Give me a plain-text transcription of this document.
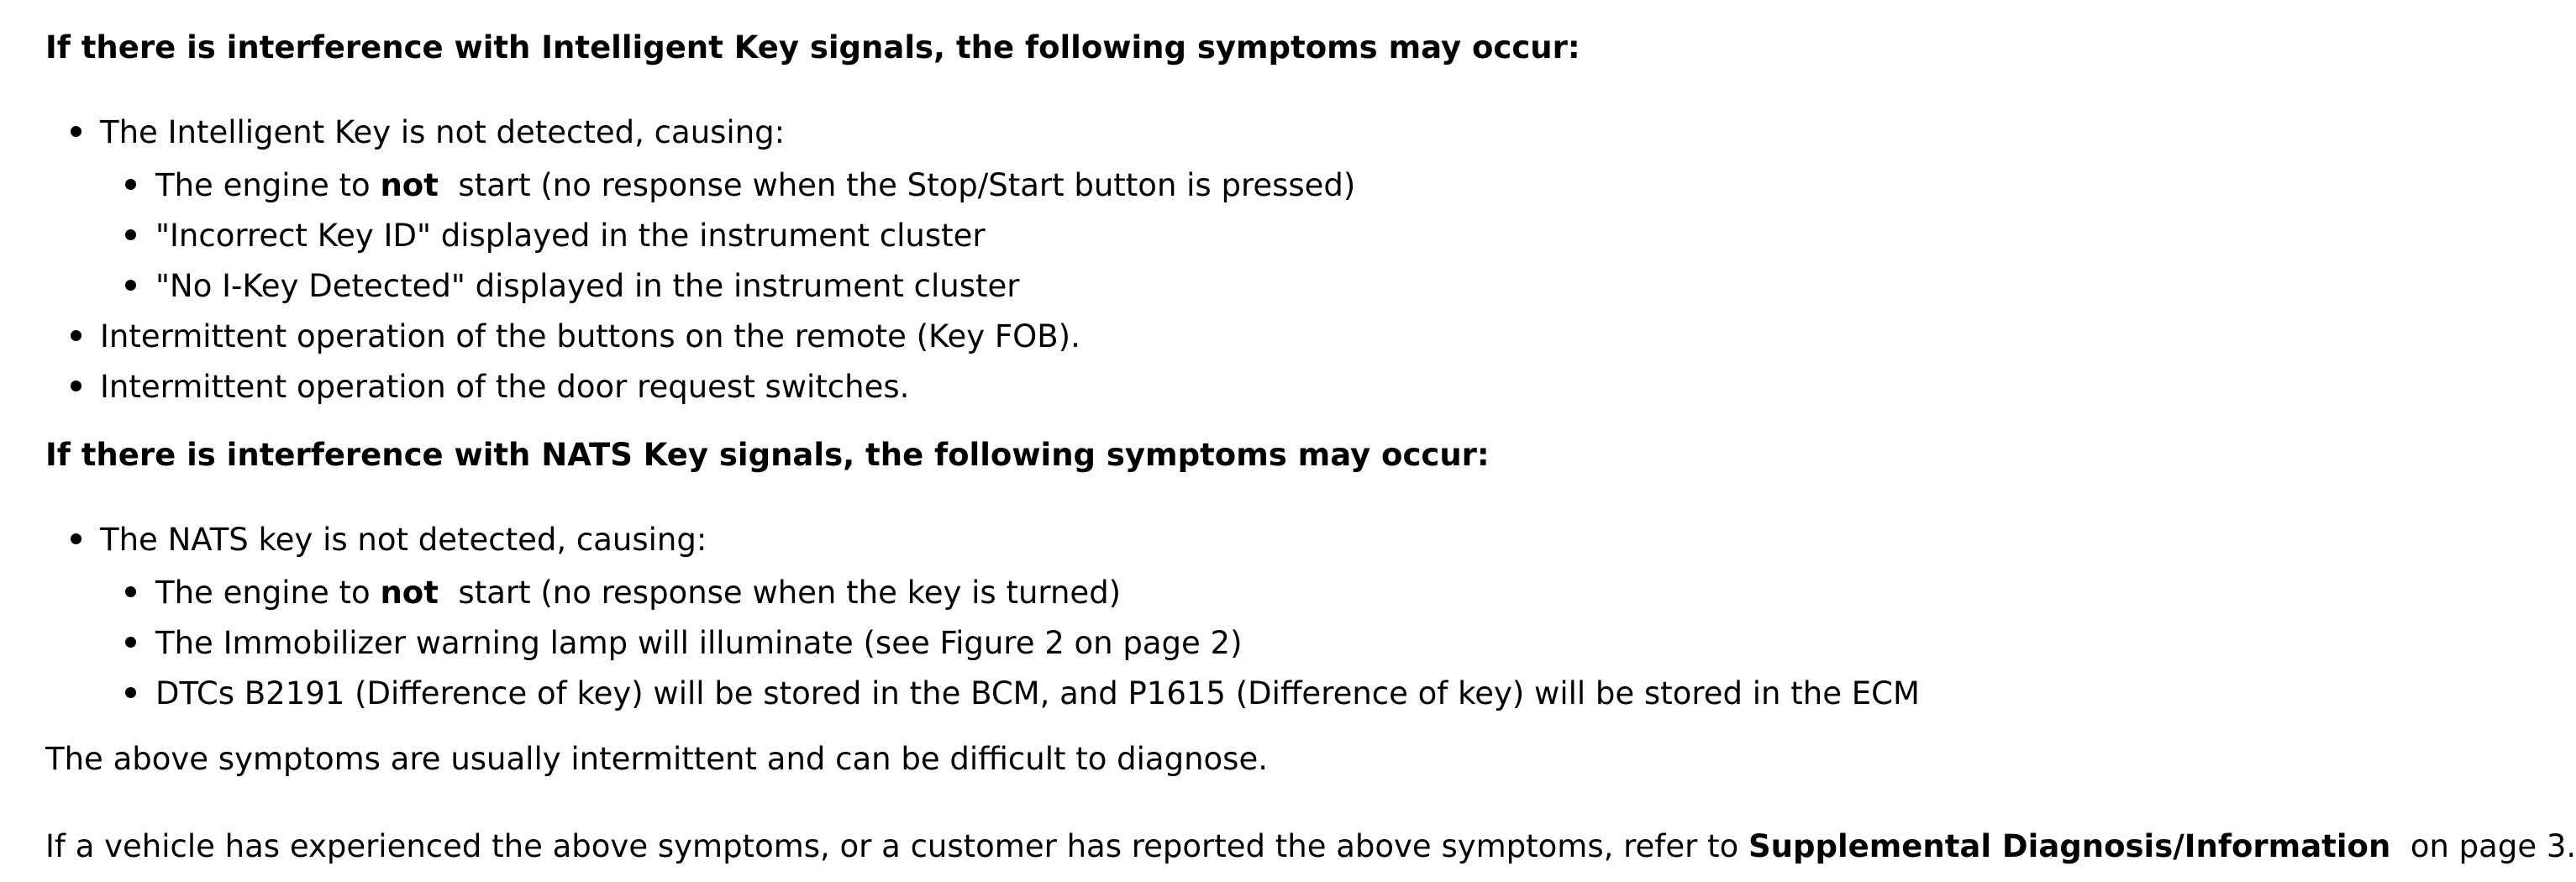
If there is interference with Intelligent Key signals, the following symptoms may occur:
The Intelligent Key is not detected, causing:
The engine to not  start (no response when the Stop/Start button is pressed)
"Incorrect Key ID" displayed in the instrument cluster
"No I-Key Detected" displayed in the instrument cluster
Intermittent operation of the buttons on the remote (Key FOB).
Intermittent operation of the door request switches.
If there is interference with NATS Key signals, the following symptoms may occur:
The NATS key is not detected, causing:
The engine to not  start (no response when the key is turned)
The Immobilizer warning lamp will illuminate (see Figure 2 on page 2)
DTCs B2191 (Difference of key) will be stored in the BCM, and P1615 (Difference of key) will be stored in the ECM
The above symptoms are usually intermittent and can be difficult to diagnose.
If a vehicle has experienced the above symptoms, or a customer has reported the above symptoms, refer to Supplemental Diagnosis/Information  on page 3.
